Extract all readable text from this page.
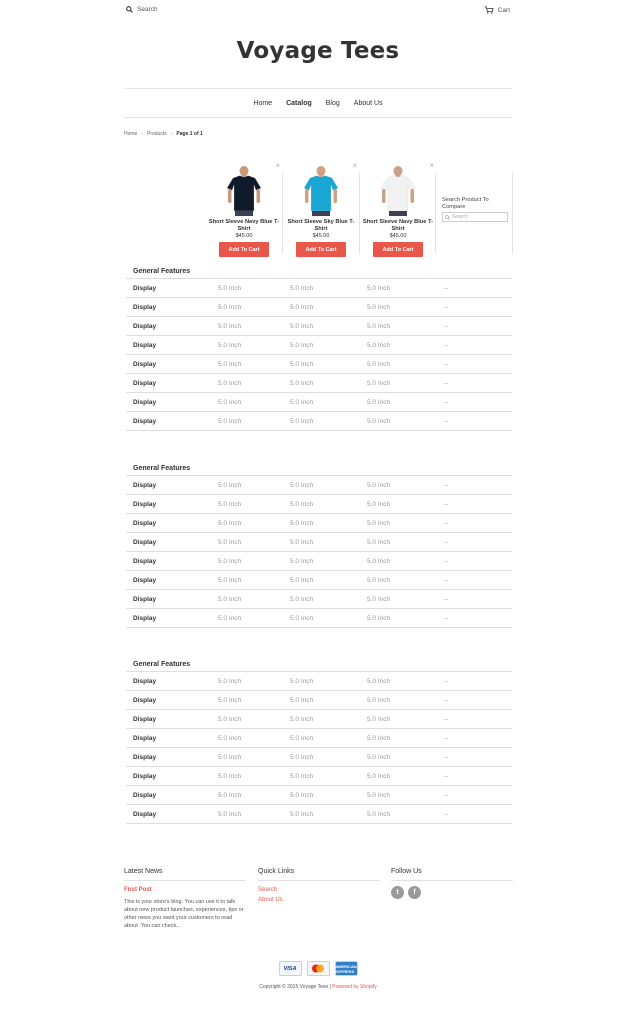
Search	Cart
Voyage Tees
Home Catalog Blog About Us
Home › Products › Page 1 of 1
Search Product To Compare
Search
×
Short Sleeve Navy Blue T-Shirt
$45.00
Add To Cart
×
Short Sleeve Sky Blue T-Shirt
$45.00
Add To Cart
×
Short Sleeve Navy Blue T-Shirt
$45.00
Add To Cart
General Features
Display	5.0 Inch	5.0 Inch	5.0 Inch	--
Display	5.0 Inch	5.0 Inch	5.0 Inch	--
Display	5.0 Inch	5.0 Inch	5.0 Inch	--
Display	5.0 Inch	5.0 Inch	5.0 Inch	--
Display	5.0 Inch	5.0 Inch	5.0 Inch	--
Display	5.0 Inch	5.0 Inch	5.0 Inch	--
Display	5.0 Inch	5.0 Inch	5.0 Inch	--
Display	5.0 Inch	5.0 Inch	5.0 Inch	--
General Features
Display	5.0 Inch	5.0 Inch	5.0 Inch	--
Display	5.0 Inch	5.0 Inch	5.0 Inch	--
Display	5.0 Inch	5.0 Inch	5.0 Inch	--
Display	5.0 Inch	5.0 Inch	5.0 Inch	--
Display	5.0 Inch	5.0 Inch	5.0 Inch	--
Display	5.0 Inch	5.0 Inch	5.0 Inch	--
Display	5.0 Inch	5.0 Inch	5.0 Inch	--
Display	5.0 Inch	5.0 Inch	5.0 Inch	--
General Features
Display	5.0 Inch	5.0 Inch	5.0 Inch	--
Display	5.0 Inch	5.0 Inch	5.0 Inch	--
Display	5.0 Inch	5.0 Inch	5.0 Inch	--
Display	5.0 Inch	5.0 Inch	5.0 Inch	--
Display	5.0 Inch	5.0 Inch	5.0 Inch	--
Display	5.0 Inch	5.0 Inch	5.0 Inch	--
Display	5.0 Inch	5.0 Inch	5.0 Inch	--
Display	5.0 Inch	5.0 Inch	5.0 Inch	--
Latest News
First Post
This is your store's blog. You can use it to talk about new product launches, experiences, tips or other news you want your customers to read about. You can check...
Quick Links
Search
About Us
Follow Us
t	f
VISA	AMERICAN EXPRESS
Copyright © 2015 Voyage Tees | Powered by Shopify
